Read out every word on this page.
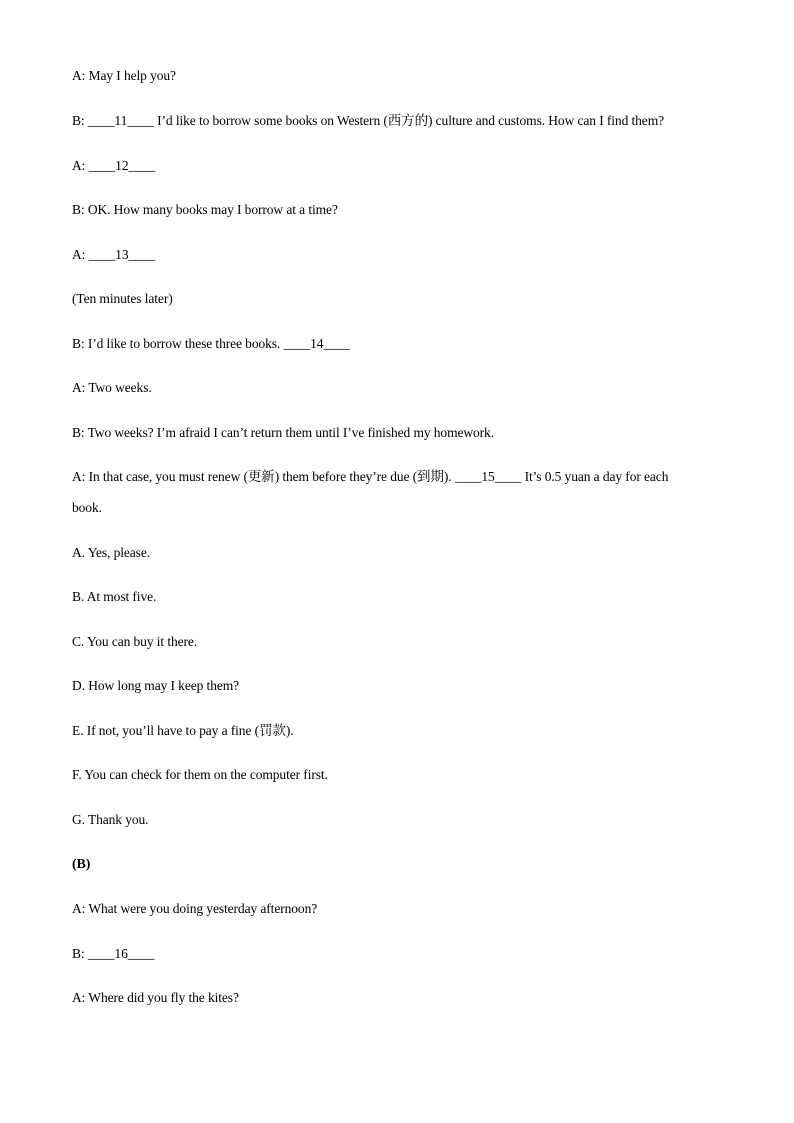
A: May I help you?
B: ____11____ I’d like to borrow some books on Western (西方的) culture and customs. How can I find them?
A: ____12____
B: OK. How many books may I borrow at a time?
A: ____13____
(Ten minutes later)
B: I’d like to borrow these three books. ____14____
A: Two weeks.
B: Two weeks? I’m afraid I can’t return them until I’ve finished my homework.
A: In that case, you must renew (更新) them before they’re due (到期). ____15____ It’s 0.5 yuan a day for each
book.
A. Yes, please.
B. At most five.
C. You can buy it there.
D. How long may I keep them?
E. If not, you’ll have to pay a fine (罚款).
F. You can check for them on the computer first.
G. Thank you.
(B)
A: What were you doing yesterday afternoon?
B: ____16____
A: Where did you fly the kites?
